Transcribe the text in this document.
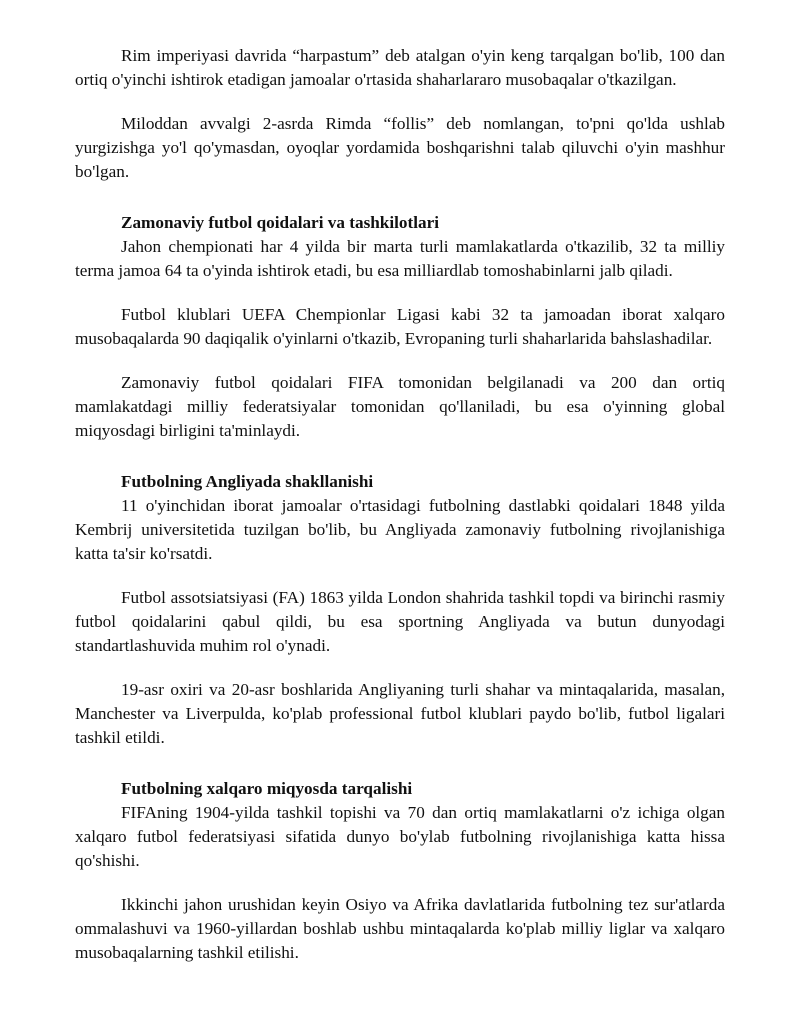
Rim imperiyasi davrida “harpastum” deb atalgan o'yin keng tarqalgan bo'lib, 100 dan ortiq o'yinchi ishtirok etadigan jamoalar o'rtasida shaharlararo musobaqalar o'tkazilgan.

Miloddan avvalgi 2-asrda Rimda “follis” deb nomlangan, to'pni qo'lda ushlab yurgizishga yo'l qo'ymasdan, oyoqlar yordamida boshqarishni talab qiluvchi o'yin mashhur bo'lgan.

Zamonaviy futbol qoidalari va tashkilotlari

Jahon chempionati har 4 yilda bir marta turli mamlakatlarda o'tkazilib, 32 ta milliy terma jamoa 64 ta o'yinda ishtirok etadi, bu esa milliardlab tomoshabinlarni jalb qiladi.

Futbol klublari UEFA Chempionlar Ligasi kabi 32 ta jamoadan iborat xalqaro musobaqalarda 90 daqiqalik o'yinlarni o'tkazib, Evropaning turli shaharlarida bahslashadilar.

Zamonaviy futbol qoidalari FIFA tomonidan belgilanadi va 200 dan ortiq mamlakatdagi milliy federatsiyalar tomonidan qo'llaniladi, bu esa o'yinning global miqyosdagi birligini ta'minlaydi.

Futbolning Angliyada shakllanishi

11 o'yinchidan iborat jamoalar o'rtasidagi futbolning dastlabki qoidalari 1848 yilda Kembrij universitetida tuzilgan bo'lib, bu Angliyada zamonaviy futbolning rivojlanishiga katta ta'sir ko'rsatdi.

Futbol assotsiatsiyasi (FA) 1863 yilda London shahrida tashkil topdi va birinchi rasmiy futbol qoidalarini qabul qildi, bu esa sportning Angliyada va butun dunyodagi standartlashuvida muhim rol o'ynadi.

19-asr oxiri va 20-asr boshlarida Angliyaning turli shahar va mintaqalarida, masalan, Manchester va Liverpulda, ko'plab professional futbol klublari paydo bo'lib, futbol ligalari tashkil etildi.

Futbolning xalqaro miqyosda tarqalishi

FIFAning 1904-yilda tashkil topishi va 70 dan ortiq mamlakatlarni o'z ichiga olgan xalqaro futbol federatsiyasi sifatida dunyo bo'ylab futbolning rivojlanishiga katta hissa qo'shishi.

Ikkinchi jahon urushidan keyin Osiyo va Afrika davlatlarida futbolning tez sur'atlarda ommalashuvi va 1960-yillardan boshlab ushbu mintaqalarda ko'plab milliy liglar va xalqaro musobaqalarning tashkil etilishi.
